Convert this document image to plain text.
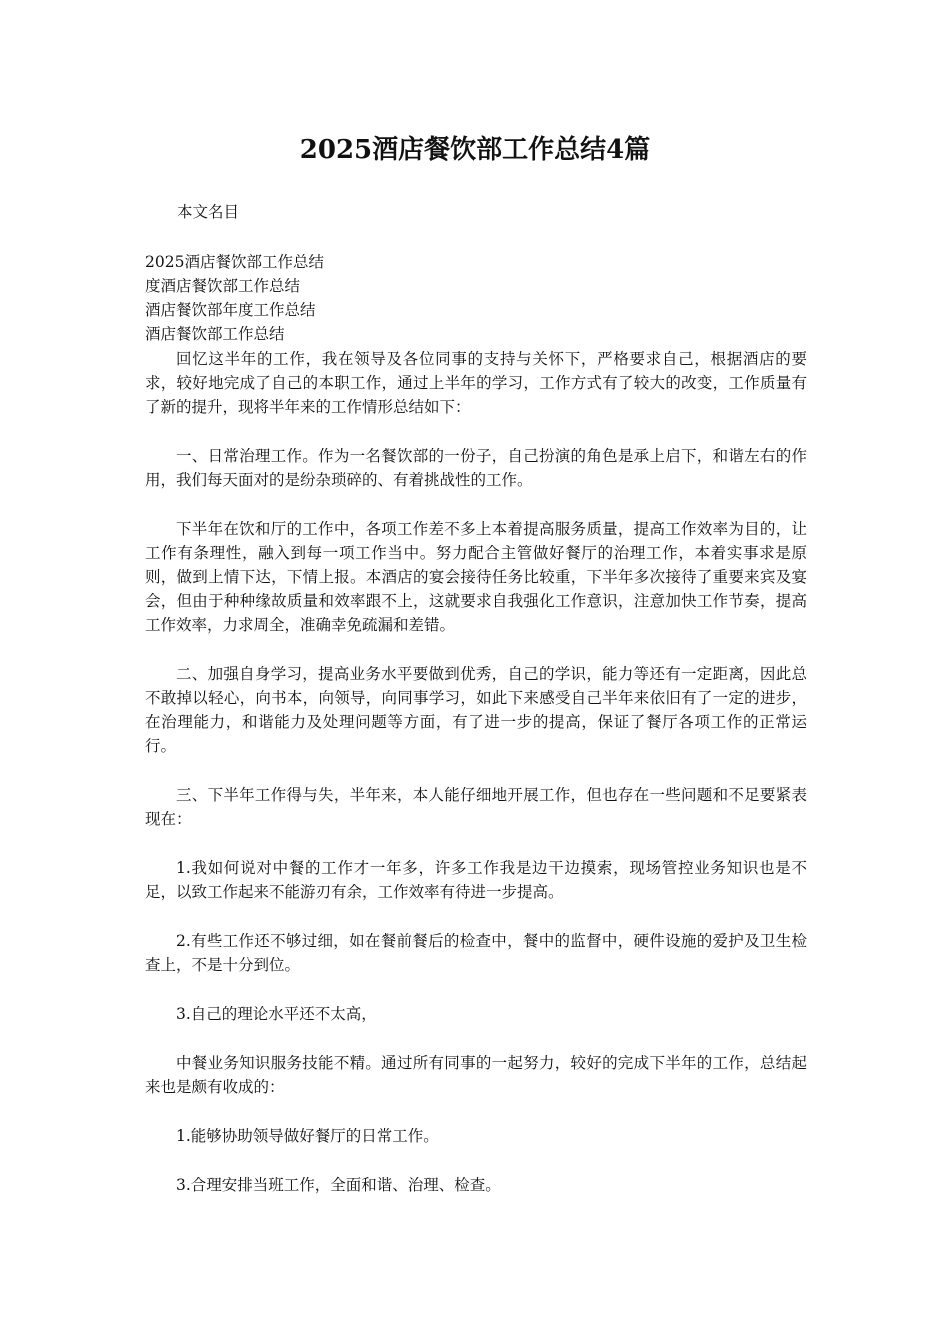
2025酒店餐饮部工作总结4篇

本文名目

2025酒店餐饮部工作总结
度酒店餐饮部工作总结
酒店餐饮部年度工作总结
酒店餐饮部工作总结

回忆这半年的工作，我在领导及各位同事的支持与关怀下，严格要求自己，根据酒店的要求，较好地完成了自己的本职工作，通过上半年的学习，工作方式有了较大的改变，工作质量有了新的提升，现将半年来的工作情形总结如下：

一、日常治理工作。作为一名餐饮部的一份子，自己扮演的角色是承上启下，和谐左右的作用，我们每天面对的是纷杂琐碎的、有着挑战性的工作。

下半年在饮和厅的工作中，各项工作差不多上本着提高服务质量，提高工作效率为目的，让工作有条理性，融入到每一项工作当中。努力配合主管做好餐厅的治理工作，本着实事求是原则，做到上情下达，下情上报。本酒店的宴会接待任务比较重，下半年多次接待了重要来宾及宴会，但由于种种缘故质量和效率跟不上，这就要求自我强化工作意识，注意加快工作节奏，提高工作效率，力求周全，准确幸免疏漏和差错。

二、加强自身学习，提高业务水平要做到优秀，自己的学识，能力等还有一定距离，因此总不敢掉以轻心，向书本，向领导，向同事学习，如此下来感受自己半年来依旧有了一定的进步，在治理能力，和谐能力及处理问题等方面，有了进一步的提高，保证了餐厅各项工作的正常运行。

三、下半年工作得与失，半年来，本人能仔细地开展工作，但也存在一些问题和不足要紧表现在：

1.我如何说对中餐的工作才一年多，许多工作我是边干边摸索，现场管控业务知识也是不足，以致工作起来不能游刃有余，工作效率有待进一步提高。

2.有些工作还不够过细，如在餐前餐后的检查中，餐中的监督中，硬件设施的爱护及卫生检查上，不是十分到位。

3.自己的理论水平还不太高，

中餐业务知识服务技能不精。通过所有同事的一起努力，较好的完成下半年的工作，总结起来也是颇有收成的：

1.能够协助领导做好餐厅的日常工作。

3.合理安排当班工作，全面和谐、治理、检查。
